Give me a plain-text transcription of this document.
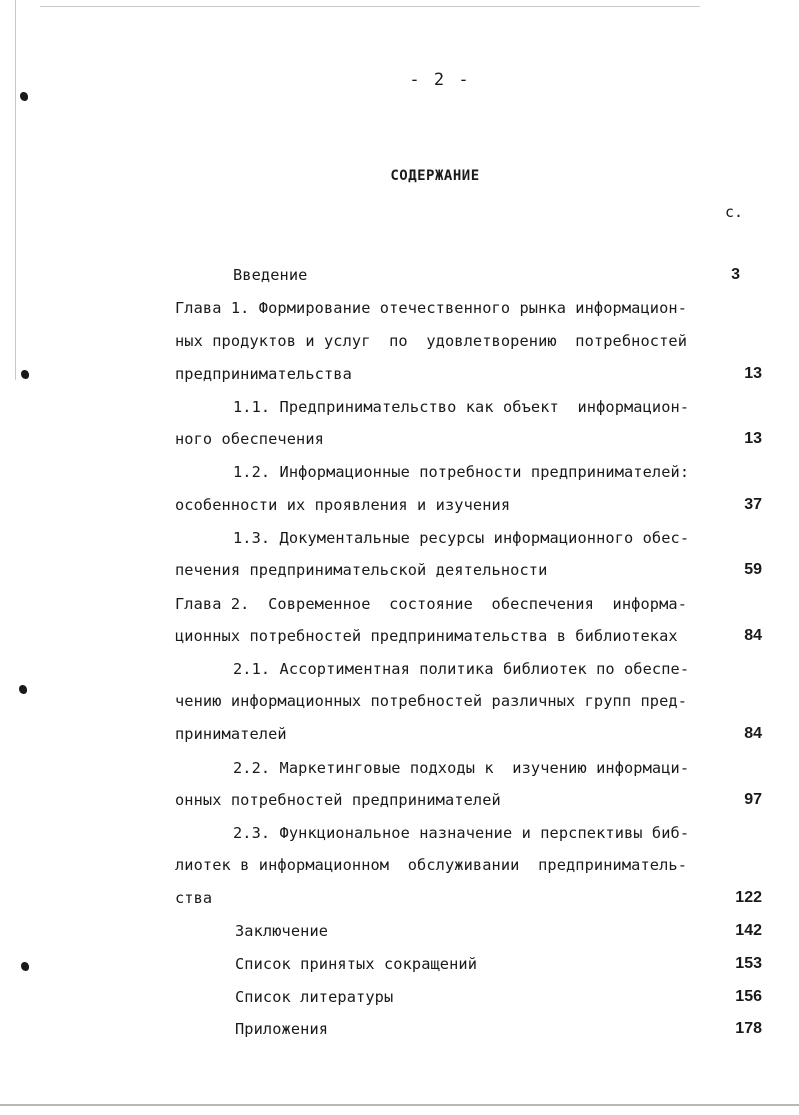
- 2 -
СОДЕРЖАНИЕ
с.
Введение	3
Глава 1. Формирование отечественного рынка информацион-
ных продуктов и услуг  по  удовлетворению  потребностей
предпринимательства	13
1.1. Предпринимательство как объект  информацион-
ного обеспечения	13
1.2. Информационные потребности предпринимателей:
особенности их проявления и изучения	37
1.3. Документальные ресурсы информационного обес-
печения предпринимательской деятельности	59
Глава 2.  Современное  состояние  обеспечения  информа-
ционных потребностей предпринимательства в библиотеках	84
2.1. Ассортиментная политика библиотек по обеспе-
чению информационных потребностей различных групп пред-
принимателей	84
2.2. Маркетинговые подходы к  изучению информаци-
онных потребностей предпринимателей	97
2.3. Функциональное назначение и перспективы биб-
лиотек в информационном  обслуживании  предприниматель-
ства	122
Заключение	142
Список принятых сокращений	153
Список литературы	156
Приложения	178
